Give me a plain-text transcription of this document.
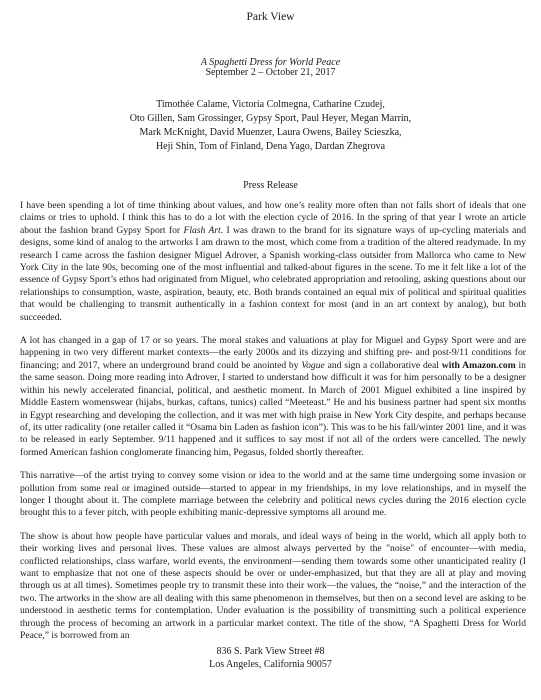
Park View
A Spaghetti Dress for World Peace
September 2 – October 21, 2017
Timothée Calame, Victoria Colmegna, Catharine Czudej,
Oto Gillen, Sam Grossinger, Gypsy Sport, Paul Heyer, Megan Marrin,
Mark McKnight, David Muenzer, Laura Owens, Bailey Scieszka,
Heji Shin, Tom of Finland, Dena Yago, Dardan Zhegrova
Press Release

I have been spending a lot of time thinking about values, and how one’s reality more often than not falls short of ideals that one claims or tries to uphold. I think this has to do a lot with the election cycle of 2016. In the spring of that year I wrote an article about the fashion brand Gypsy Sport for Flash Art. I was drawn to the brand for its signature ways of up-cycling materials and designs, some kind of analog to the artworks I am drawn to the most, which come from a tradition of the altered readymade. In my research I came across the fashion designer Miguel Adrover, a Spanish working-class outsider from Mallorca who came to New York City in the late 90s, becoming one of the most influential and talked-about figures in the scene. To me it felt like a lot of the essence of Gypsy Sport’s ethos had originated from Miguel, who celebrated appropriation and retooling, asking questions about our relationships to consumption, waste, aspiration, beauty, etc. Both brands contained an equal mix of political and spiritual qualities that would be challenging to transmit authentically in a fashion context for most (and in an art context by analog), but both succeeded.

A lot has changed in a gap of 17 or so years. The moral stakes and valuations at play for Miguel and Gypsy Sport were and are happening in two very different market contexts—the early 2000s and its dizzying and shifting pre- and post-9/11 conditions for financing; and 2017, where an underground brand could be anointed by Vogue and sign a collaborative deal with Amazon.com in the same season. Doing more reading into Adrover, I started to understand how difficult it was for him personally to be a designer within his newly accelerated financial, political, and aesthetic moment. In March of 2001 Miguel exhibited a line inspired by Middle Eastern womenswear (hijabs, burkas, caftans, tunics) called “Meeteast.” He and his business partner had spent six months in Egypt researching and developing the collection, and it was met with high praise in New York City despite, and perhaps because of, its utter radicality (one retailer called it “Osama bin Laden as fashion icon”). This was to be his fall/winter 2001 line, and it was to be released in early September. 9/11 happened and it suffices to say most if not all of the orders were cancelled. The newly formed American fashion conglomerate financing him, Pegasus, folded shortly thereafter.

This narrative—of the artist trying to convey some vision or idea to the world and at the same time undergoing some invasion or pollution from some real or imagined outside—started to appear in my friendships, in my love relationships, and in myself the longer I thought about it. The complete marriage between the celebrity and political news cycles during the 2016 election cycle brought this to a fever pitch, with people exhibiting manic-depressive symptoms all around me.

The show is about how people have particular values and morals, and ideal ways of being in the world, which all apply both to their working lives and personal lives. These values are almost always perverted by the "noise" of encounter—with media, conflicted relationships, class warfare, world events, the environment—sending them towards some other unanticipated reality (I want to emphasize that not one of these aspects should be over or under-emphasized, but that they are all at play and moving through us at all times). Sometimes people try to transmit these into their work—the values, the “noise,” and the interaction of the two. The artworks in the show are all dealing with this same phenomenon in themselves, but then on a second level are asking to be understood in aesthetic terms for contemplation. Under evaluation is the possibility of transmitting such a political experience through the process of becoming an artwork in a particular market context. The title of the show, “A Spaghetti Dress for World Peace,” is borrowed from an

836 S. Park View Street #8
Los Angeles, California 90057
